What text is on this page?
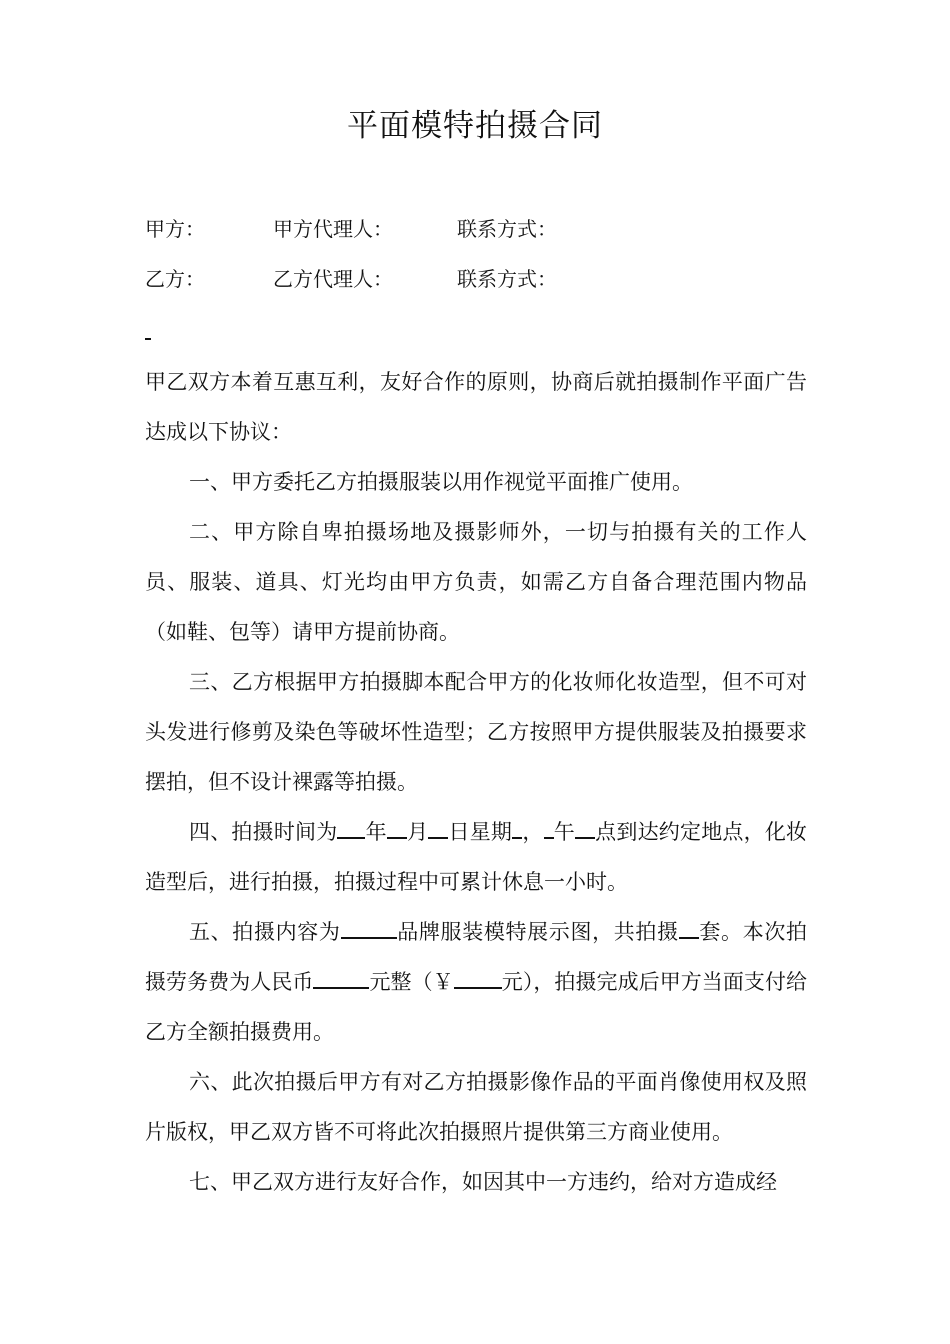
平面模特拍摄合同
甲方：	甲方代理人：	联系方式：
乙方：	乙方代理人：	联系方式：

甲乙双方本着互惠互利，友好合作的原则，协商后就拍摄制作平面广告达成以下协议：

一、甲方委托乙方拍摄服装以用作视觉平面推广使用。

二、甲方除自卑拍摄场地及摄影师外，一切与拍摄有关的工作人员、服装、道具、灯光均由甲方负责，如需乙方自备合理范围内物品（如鞋、包等）请甲方提前协商。

三、乙方根据甲方拍摄脚本配合甲方的化妆师化妆造型，但不可对头发进行修剪及染色等破坏性造型；乙方按照甲方提供服装及拍摄要求摆拍，但不设计裸露等拍摄。

四、拍摄时间为 年 月 日星期 ， 午 点到达约定地点，化妆造型后，进行拍摄，拍摄过程中可累计休息一小时。

五、拍摄内容为	品牌服装模特展示图，共拍摄 套。本次拍摄劳务费为人民币	元整（￥ 元），拍摄完成后甲方当面支付给乙方全额拍摄费用。

六、此次拍摄后甲方有对乙方拍摄影像作品的平面肖像使用权及照片版权，甲乙双方皆不可将此次拍摄照片提供第三方商业使用。

七、甲乙双方进行友好合作，如因其中一方违约，给对方造成经
